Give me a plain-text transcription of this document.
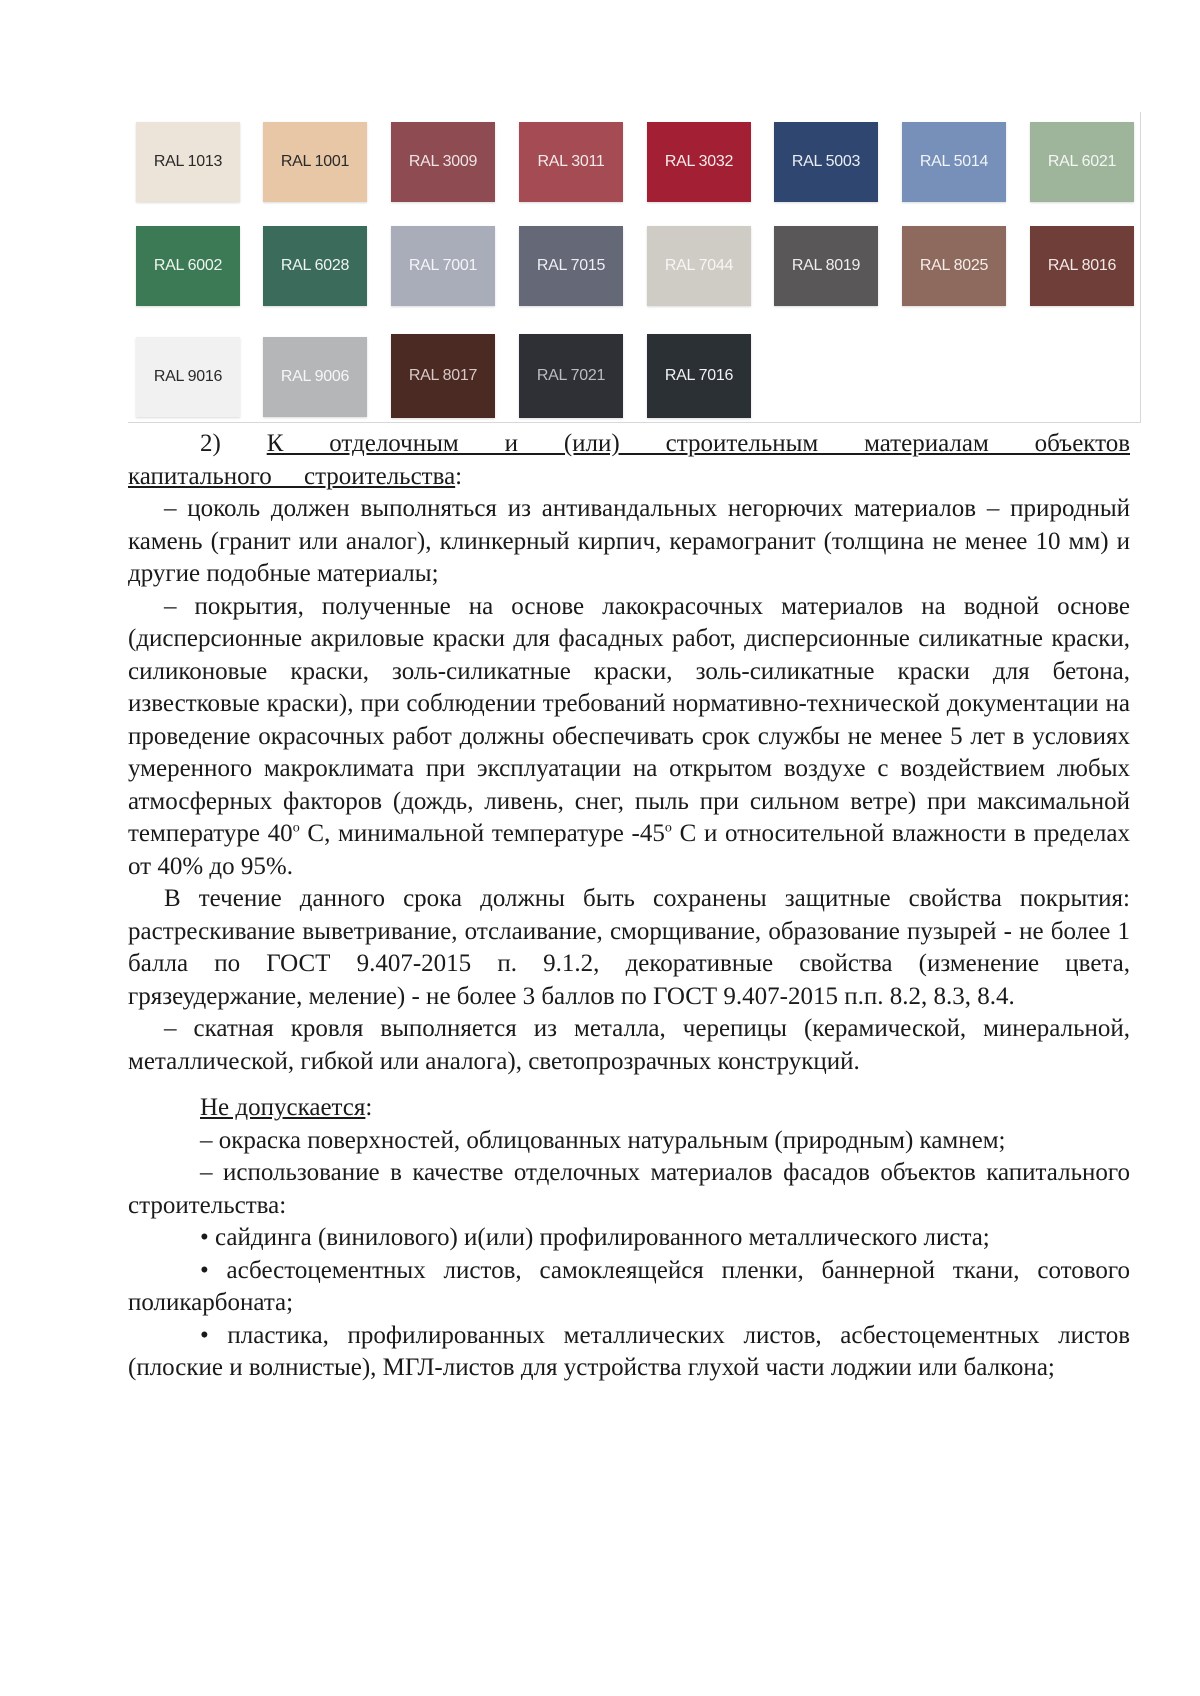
RAL 1013	RAL 1001	RAL 3009	RAL 3011	RAL 3032	RAL 5003	RAL 5014	RAL 6021
RAL 6002	RAL 6028	RAL 7001	RAL 7015	RAL 7044	RAL 8019	RAL 8025	RAL 8016
RAL 9016	RAL 9006	RAL 8017	RAL 7021	RAL 7016

2) К отделочным и (или) строительным материалам объектов капитального строительства:

– цоколь должен выполняться из антивандальных негорючих материалов – природный камень (гранит или аналог), клинкерный кирпич, керамогранит (толщина не менее 10 мм) и другие подобные материалы;

– покрытия, полученные на основе лакокрасочных материалов на водной основе (дисперсионные акриловые краски для фасадных работ, дисперсионные силикатные краски, силиконовые краски, золь-силикатные краски, золь-силикатные краски для бетона, известковые краски), при соблюдении требований нормативно-технической документации на проведение окрасочных работ должны обеспечивать срок службы не менее 5 лет в условиях умеренного макроклимата при эксплуатации на открытом воздухе с воздействием любых атмосферных факторов (дождь, ливень, снег, пыль при сильном ветре) при максимальной температуре 40$^o$ С, минимальной температуре -45$^o$ С и относительной влажности в пределах от 40% до 95%.

В течение данного срока должны быть сохранены защитные свойства покрытия: растрескивание выветривание, отслаивание, сморщивание, образование пузырей - не более 1 балла по ГОСТ 9.407-2015 п. 9.1.2, декоративные свойства (изменение цвета, грязеудержание, меление) - не более 3 баллов по ГОСТ 9.407-2015 п.п. 8.2, 8.3, 8.4.

– скатная кровля выполняется из металла, черепицы (керамической, минеральной, металлической, гибкой или аналога), светопрозрачных конструкций.

Не допускается:

– окраска поверхностей, облицованных натуральным (природным) камнем;

– использование в качестве отделочных материалов фасадов объектов капитального строительства:

• сайдинга (винилового) и(или) профилированного металлического листа;

• асбестоцементных листов, самоклеящейся пленки, баннерной ткани, сотового поликарбоната;

• пластика, профилированных металлических листов, асбестоцементных листов (плоские и волнистые), МГЛ-листов для устройства глухой части лоджии или балкона;
